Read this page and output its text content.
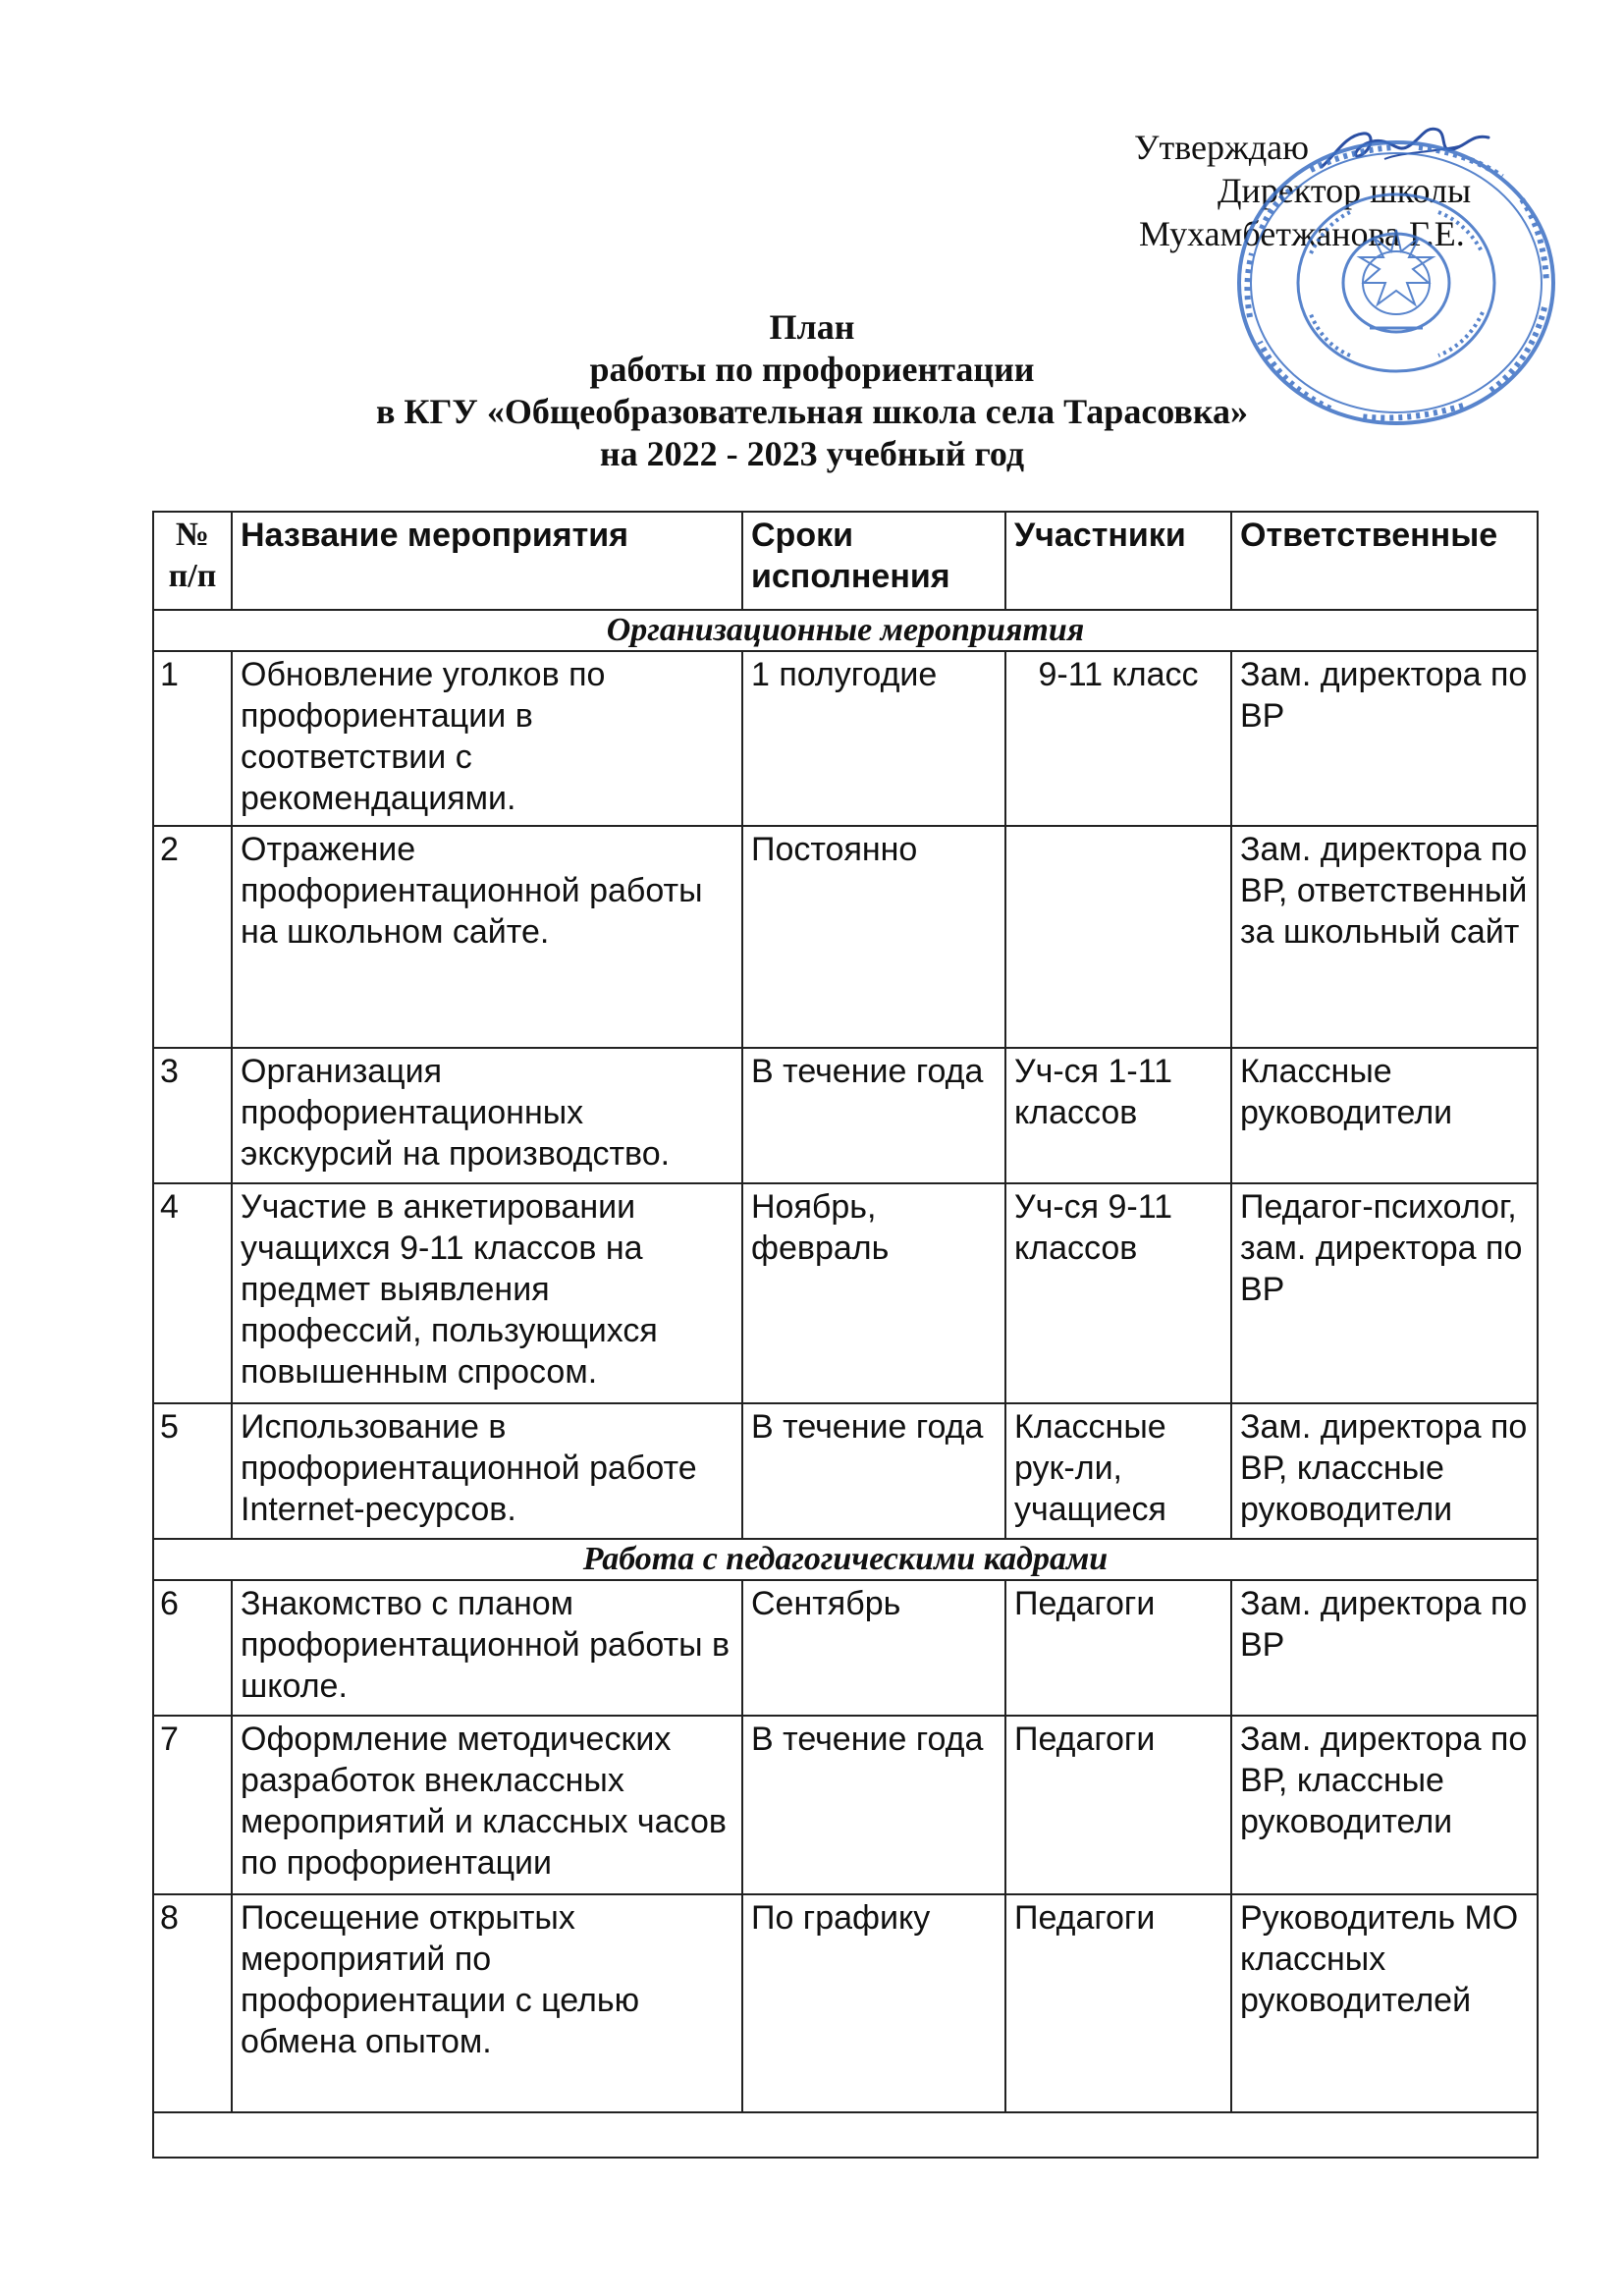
Утверждаю
Директор школы
Мухамбетжанова Г.Е.
План
работы по профориентации
в КГУ «Общеобразовательная школа села Тарасовка»
на 2022 - 2023 учебный год
№ п/п	Название мероприятия	Сроки исполнения	Участники	Ответственные
Организационные мероприятия				
1	Обновление уголков по профориентации в соответствии с рекомендациями.	1 полугодие	9-11 класс	Зам. директора по ВР
2	Отражение профориентационной работы на школьном сайте.	Постоянно		Зам. директора по ВР, ответственный за школьный сайт
3	Организация профориентационных экскурсий на производство.	В течение года	Уч-ся 1-11 классов	Классные руководители
4	Участие в анкетировании учащихся 9-11 классов на предмет выявления профессий, пользующихся повышенным спросом.	Ноябрь, февраль	Уч-ся 9-11 классов	Педагог-психолог, зам. директора по ВР
5	Использование в профориентационной работе Internet-ресурсов.	В течение года	Классные рук-ли, учащиеся	Зам. директора по ВР, классные руководители
Работа с педагогическими кадрами				
6	Знакомство с планом профориентационной работы в школе.	Сентябрь	Педагоги	Зам. директора по ВР
7	Оформление методических разработок внеклассных мероприятий и классных часов по профориентации	В течение года	Педагоги	Зам. директора по ВР, классные руководители
8	Посещение открытых мероприятий по профориентации с целью обмена опытом.	По графику	Педагоги	Руководитель МО классных руководителей
